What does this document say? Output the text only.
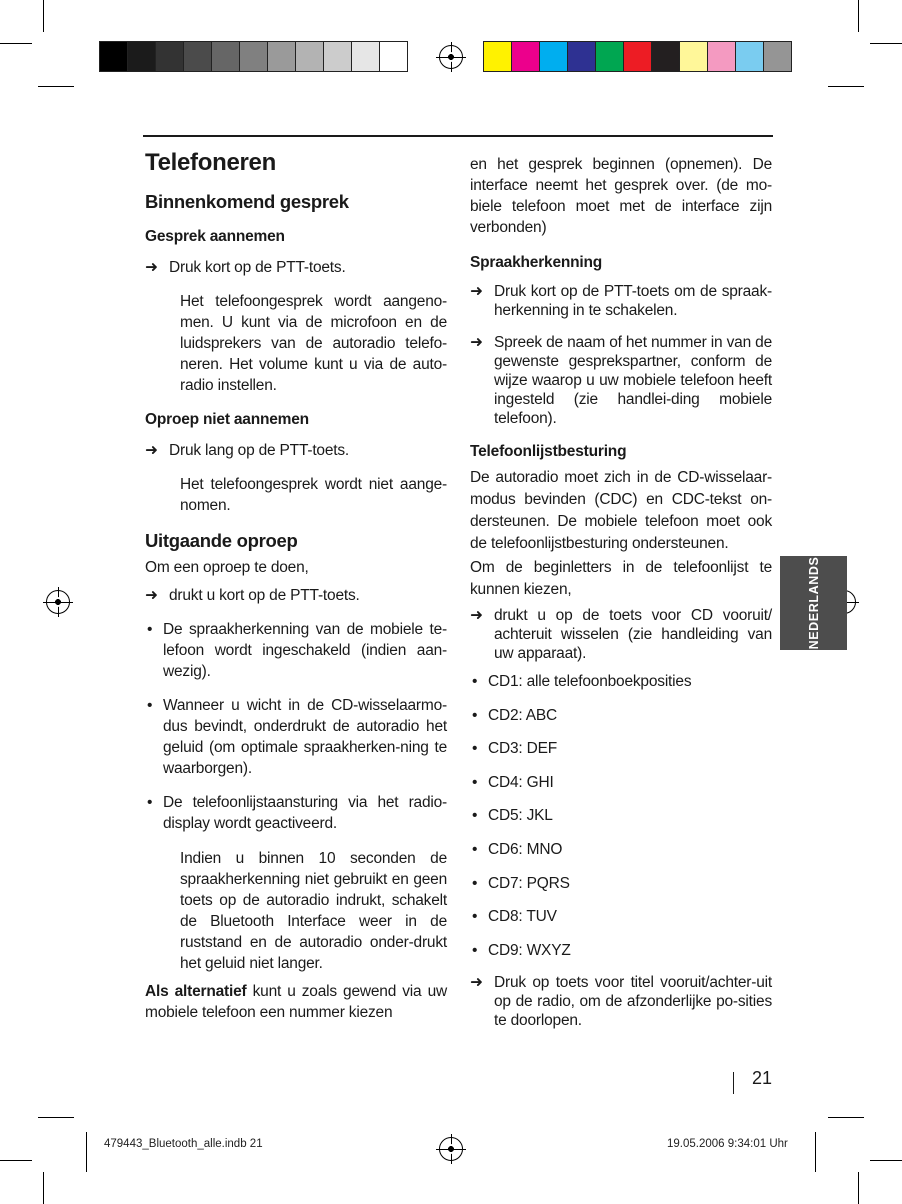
NEDERLANDS
Telefoneren
Binnenkomend gesprek
Gesprek aannemen
➜ Druk kort op de PTT-toets.

Het telefoongesprek wordt aangeno-men. U kunt via de microfoon en de luidsprekers van de autoradio telefo-neren. Het volume kunt u via de auto-radio instellen.

Oproep niet aannemen
➜ Druk lang op de PTT-toets.

Het telefoongesprek wordt niet aange-nomen.

Uitgaande oproep

Om een oproep te doen,

➜ drukt u kort op de PTT-toets.
• De spraakherkenning van de mobiele te-lefoon wordt ingeschakeld (indien aan-wezig).
• Wanneer u wicht in de CD-wisselaarmo-dus bevindt, onderdrukt de autoradio het geluid (om optimale spraakherken-ning te waarborgen).
• De telefoonlijstaansturing via het radio-display wordt geactiveerd.

Indien u binnen 10 seconden de spraakherkenning niet gebruikt en geen toets op de autoradio indrukt, schakelt de Bluetooth Interface weer in de ruststand en de autoradio onder-drukt het geluid niet langer.

Als alternatief kunt u zoals gewend via uw mobiele telefoon een nummer kiezen

en het gesprek beginnen (opnemen). De interface neemt het gesprek over. (de mo-biele telefoon moet met de interface zijn verbonden)

Spraakherkenning
➜ Druk kort op de PTT-toets om de spraak-herkenning in te schakelen.
➜ Spreek de naam of het nummer in van de gewenste gesprekspartner, conform de wijze waarop u uw mobiele telefoon heeft ingesteld (zie handlei-ding mobiele telefoon).
Telefoonlijstbesturing

De autoradio moet zich in de CD-wisselaar-modus bevinden (CDC) en CDC-tekst on-dersteunen. De mobiele telefoon moet ook de telefoonlijstbesturing ondersteunen.

Om de beginletters in de telefoonlijst te kunnen kiezen,

➜ drukt u op de toets voor CD vooruit/ achteruit wisselen (zie handleiding van uw apparaat).
• CD1: alle telefoonboekposities
• CD2: ABC
• CD3: DEF
• CD4: GHI
• CD5: JKL
• CD6: MNO
• CD7: PQRS
• CD8: TUV
• CD9: WXYZ
➜ Druk op toets voor titel vooruit/achter-uit op de radio, om de afzonderlijke po-sities te doorlopen.
21
479443_Bluetooth_alle.indb 21	19.05.2006 9:34:01 Uhr
